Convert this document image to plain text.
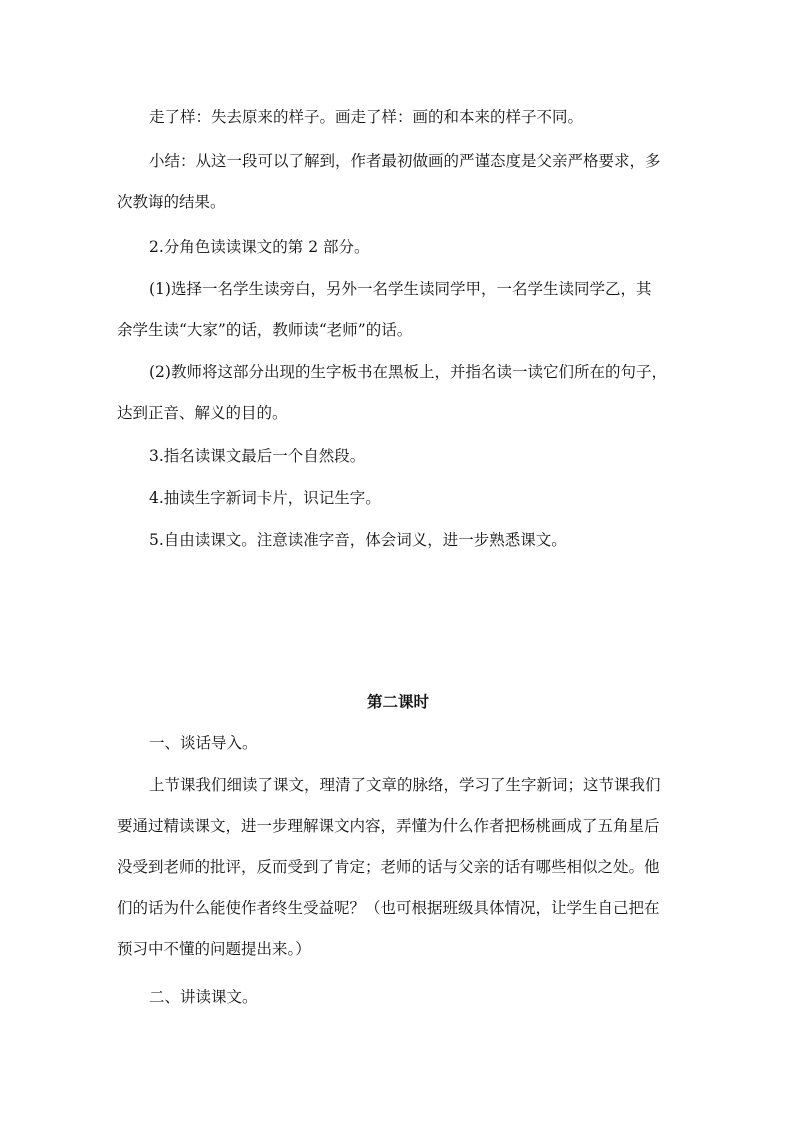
走了样：失去原来的样子。画走了样：画的和本来的样子不同。

小结：从这一段可以了解到，作者最初做画的严谨态度是父亲严格要求，多
次教诲的结果。

2.分角色读读课文的第 2 部分。

(1)选择一名学生读旁白，另外一名学生读同学甲，一名学生读同学乙，其
余学生读“大家”的话，教师读“老师”的话。

(2)教师将这部分出现的生字板书在黑板上，并指名读一读它们所在的句子，
达到正音、解义的目的。

3.指名读课文最后一个自然段。

4.抽读生字新词卡片，识记生字。

5.自由读课文。注意读准字音，体会词义，进一步熟悉课文。

第二课时

一、谈话导入。

上节课我们细读了课文，理清了文章的脉络，学习了生字新词；这节课我们
要通过精读课文，进一步理解课文内容，弄懂为什么作者把杨桃画成了五角星后
没受到老师的批评，反而受到了肯定；老师的话与父亲的话有哪些相似之处。他
们的话为什么能使作者终生受益呢？（也可根据班级具体情况，让学生自己把在
预习中不懂的问题提出来。）

二、讲读课文。
